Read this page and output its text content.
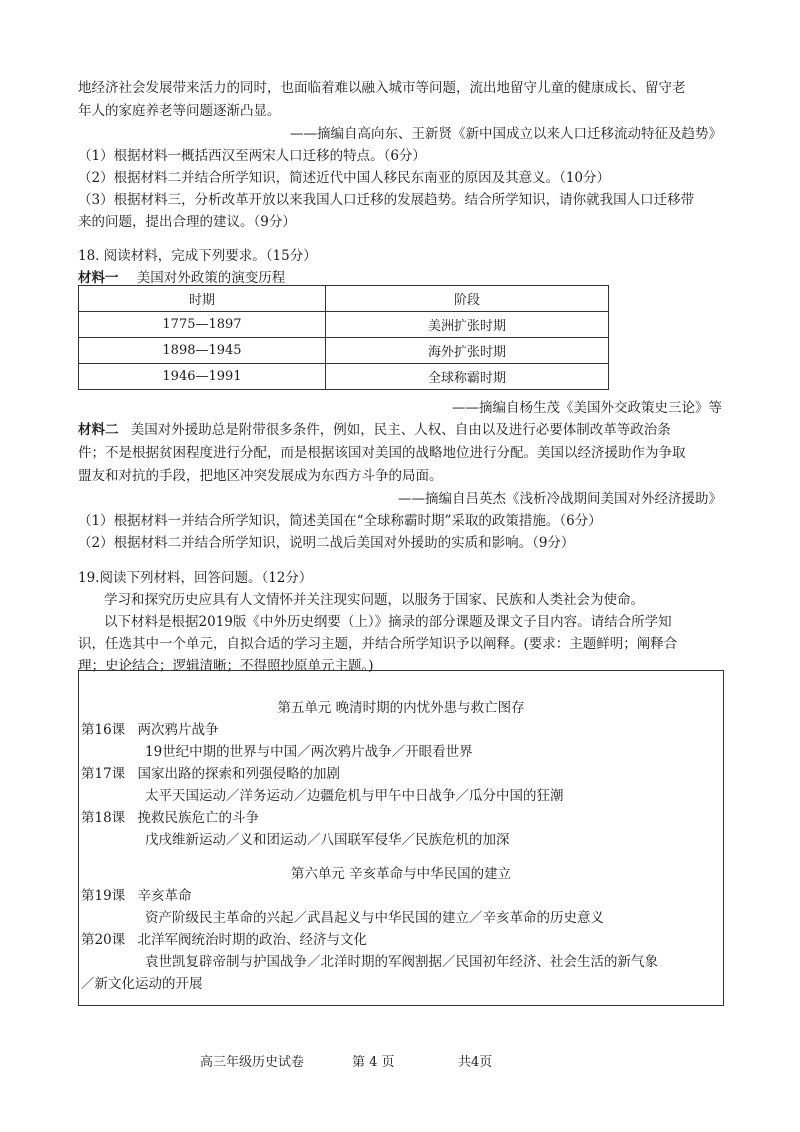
地经济社会发展带来活力的同时，也面临着难以融入城市等问题，流出地留守儿童的健康成长、留守老
年人的家庭养老等问题逐渐凸显。
——摘编自高向东、王新贤《新中国成立以来人口迁移流动特征及趋势》
（1）根据材料一概括西汉至两宋人口迁移的特点。（6分）
（2）根据材料二并结合所学知识，简述近代中国人移民东南亚的原因及其意义。（10分）
（3）根据材料三，分析改革开放以来我国人口迁移的发展趋势。结合所学知识，请你就我国人口迁移带
来的问题，提出合理的建议。（9分）
18. 阅读材料，完成下列要求。（15分）
材料一 美国对外政策的演变历程
时期	阶段
1775—1897	美洲扩张时期
1898—1945	海外扩张时期
1946—1991	全球称霸时期
——摘编自杨生茂《美国外交政策史三论》等
材料二 美国对外援助总是附带很多条件，例如，民主、人权、自由以及进行必要体制改革等政治条
件；不是根据贫困程度进行分配，而是根据该国对美国的战略地位进行分配。美国以经济援助作为争取
盟友和对抗的手段，把地区冲突发展成为东西方斗争的局面。
——摘编自吕英杰《浅析冷战期间美国对外经济援助》
（1）根据材料一并结合所学知识，简述美国在“全球称霸时期”采取的政策措施。（6分）
（2）根据材料二并结合所学知识，说明二战后美国对外援助的实质和影响。（9分）
19.阅读下列材料，回答问题。（12分）
学习和探究历史应具有人文情怀并关注现实问题，以服务于国家、民族和人类社会为使命。
以下材料是根据2019版《中外历史纲要（上）》摘录的部分课题及课文子目内容。请结合所学知
识，任选其中一个单元，自拟合适的学习主题，并结合所学知识予以阐释。(要求：主题鲜明；阐释合
理；史论结合；逻辑清晰；不得照抄原单元主题。)
第五单元 晚清时期的内忧外患与救亡图存
第16课 两次鸦片战争
19世纪中期的世界与中国／两次鸦片战争／开眼看世界
第17课 国家出路的探索和列强侵略的加剧
太平天国运动／洋务运动／边疆危机与甲午中日战争／瓜分中国的狂潮
第18课 挽救民族危亡的斗争
戊戌维新运动／义和团运动／八国联军侵华／民族危机的加深
第六单元 辛亥革命与中华民国的建立
第19课 辛亥革命
资产阶级民主革命的兴起／武昌起义与中华民国的建立／辛亥革命的历史意义
第20课 北洋军阀统治时期的政治、经济与文化
袁世凯复辟帝制与护国战争／北洋时期的军阀割据／民国初年经济、社会生活的新气象
／新文化运动的开展
高三年级历史试卷	第 4 页	共4页
